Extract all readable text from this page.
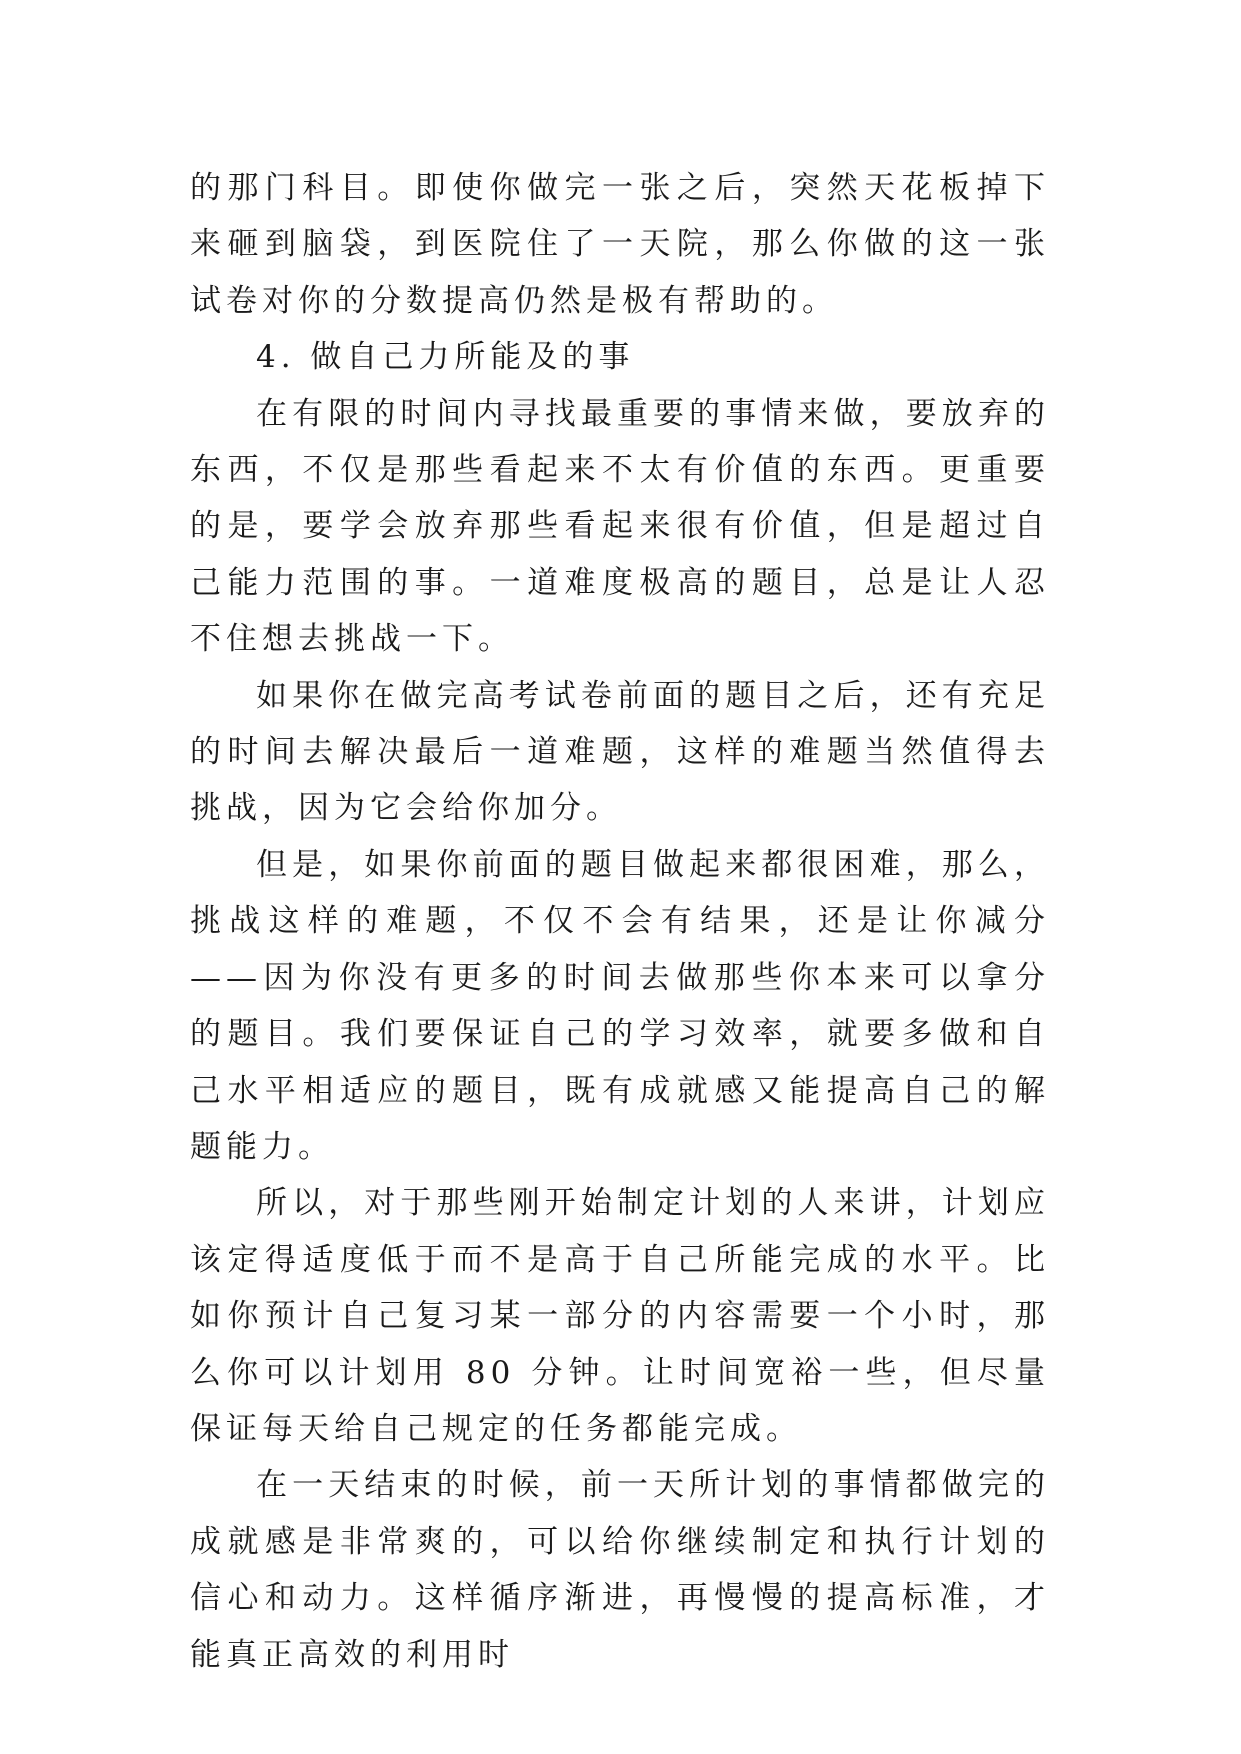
的那门科目。即使你做完一张之后，突然天花板掉下来砸到脑袋，到医院住了一天院，那么你做的这一张试卷对你的分数提高仍然是极有帮助的。

4. 做自己力所能及的事

在有限的时间内寻找最重要的事情来做，要放弃的东西，不仅是那些看起来不太有价值的东西。更重要的是，要学会放弃那些看起来很有价值，但是超过自己能力范围的事。一道难度极高的题目，总是让人忍不住想去挑战一下。

如果你在做完高考试卷前面的题目之后，还有充足的时间去解决最后一道难题，这样的难题当然值得去挑战，因为它会给你加分。

但是，如果你前面的题目做起来都很困难，那么，挑战这样的难题，不仅不会有结果，还是让你减分——因为你没有更多的时间去做那些你本来可以拿分的题目。我们要保证自己的学习效率，就要多做和自己水平相适应的题目，既有成就感又能提高自己的解题能力。

所以，对于那些刚开始制定计划的人来讲，计划应该定得适度低于而不是高于自己所能完成的水平。比如你预计自己复习某一部分的内容需要一个小时，那么你可以计划用 80 分钟。让时间宽裕一些，但尽量保证每天给自己规定的任务都能完成。

在一天结束的时候，前一天所计划的事情都做完的成就感是非常爽的，可以给你继续制定和执行计划的信心和动力。这样循序渐进，再慢慢的提高标准，才能真正高效的利用时
